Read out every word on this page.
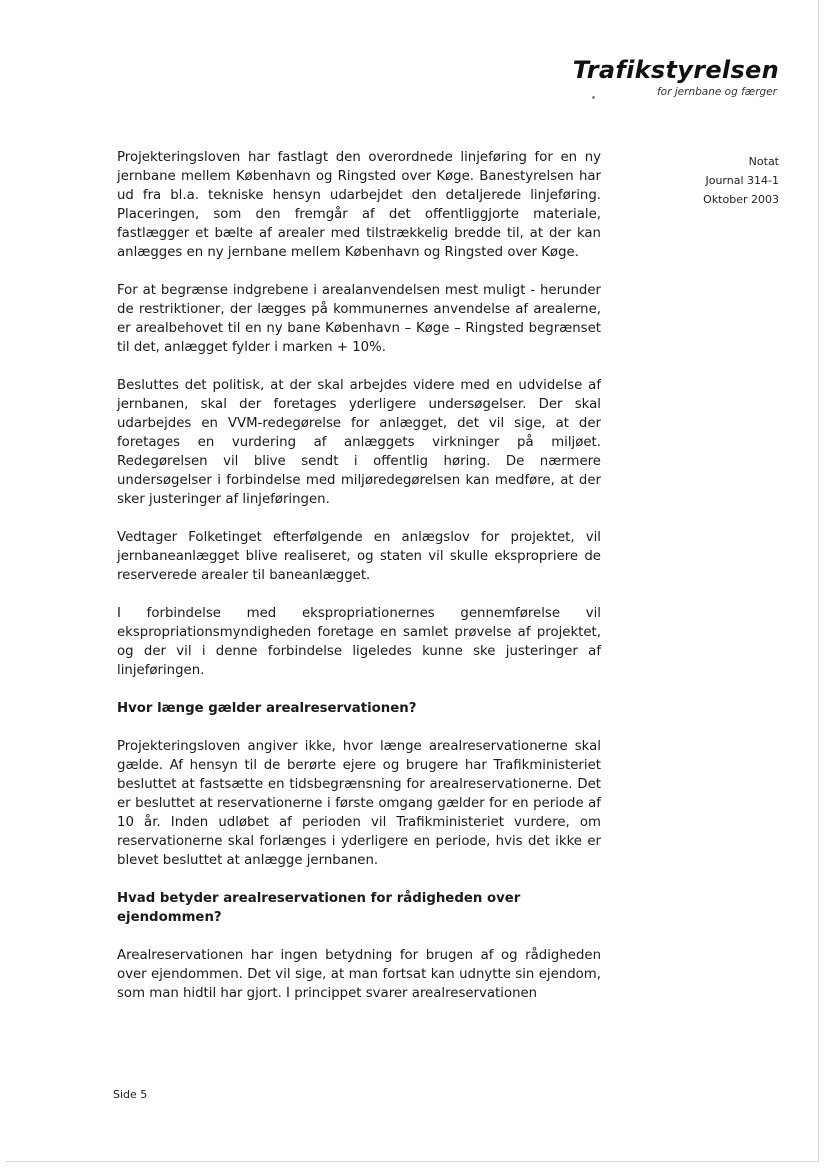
Trafikstyrelsen
for jernbane og færger
Notat
Journal 314-1
Oktober 2003

Projekteringsloven har fastlagt den overordnede linjeføring for en ny jernbane mellem København og Ringsted over Køge. Banestyrelsen har ud fra bl.a. tekniske hensyn udarbejdet den detaljerede linjeføring. Placeringen, som den fremgår af det offentliggjorte materiale, fastlægger et bælte af arealer med tilstrækkelig bredde til, at der kan anlægges en ny jernbane mellem København og Ringsted over Køge.

For at begrænse indgrebene i arealanvendelsen mest muligt - herunder de restriktioner, der lægges på kommunernes anvendelse af arealerne, er arealbehovet til en ny bane København – Køge – Ringsted begrænset til det, anlægget fylder i marken + 10%.

Besluttes det politisk, at der skal arbejdes videre med en udvidelse af jernbanen, skal der foretages yderligere undersøgelser. Der skal udarbejdes en VVM-redegørelse for anlægget, det vil sige, at der foretages en vurdering af anlæggets virkninger på miljøet. Redegørelsen vil blive sendt i offentlig høring. De nærmere undersøgelser i forbindelse med miljøredegørelsen kan medføre, at der sker justeringer af linjeføringen.

Vedtager Folketinget efterfølgende en anlægslov for projektet, vil jernbaneanlægget blive realiseret, og staten vil skulle ekspropriere de reserverede arealer til baneanlægget.

I forbindelse med ekspropriationernes gennemførelse vil ekspropriationsmyndigheden foretage en samlet prøvelse af projektet, og der vil i denne forbindelse ligeledes kunne ske justeringer af linjeføringen.

Hvor længe gælder arealreservationen?

Projekteringsloven angiver ikke, hvor længe arealreservationerne skal gælde. Af hensyn til de berørte ejere og brugere har Trafikministeriet besluttet at fastsætte en tidsbegrænsning for arealreservationerne. Det er besluttet at reservationerne i første omgang gælder for en periode af 10 år. Inden udløbet af perioden vil Trafikministeriet vurdere, om reservationerne skal forlænges i yderligere en periode, hvis det ikke er blevet besluttet at anlægge jernbanen.

Hvad betyder arealreservationen for rådigheden over ejendommen?

Arealreservationen har ingen betydning for brugen af og rådigheden over ejendommen. Det vil sige, at man fortsat kan udnytte sin ejendom, som man hidtil har gjort. I princippet svarer arealreservationen

Side 5
